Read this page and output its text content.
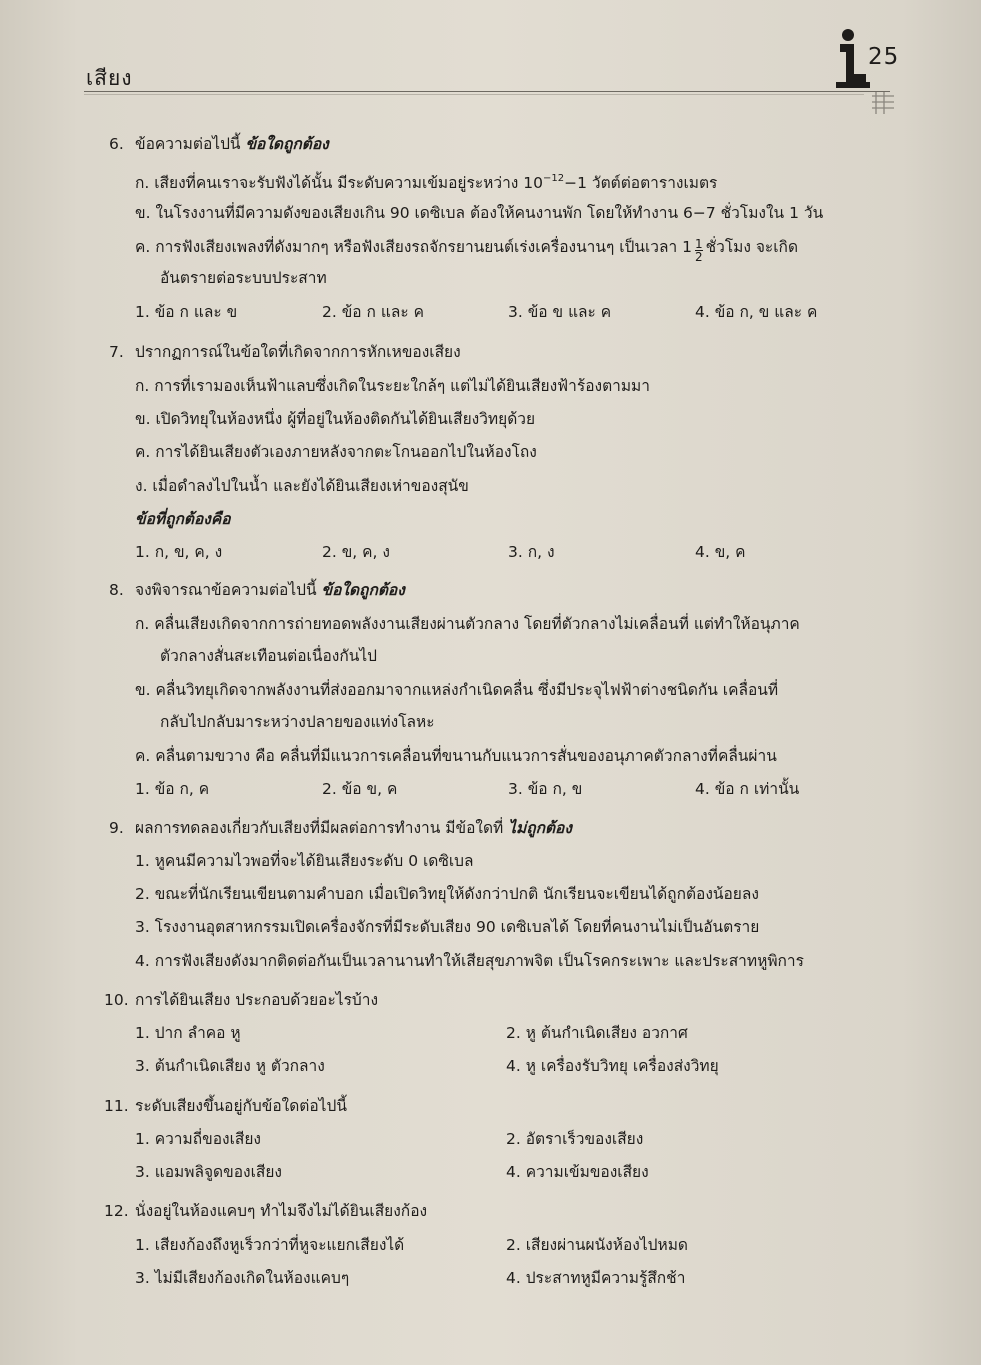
เสียง
25
6. ข้อความต่อไปนี้ ข้อใดถูกต้อง
ก. เสียงที่คนเราจะรับฟังได้นั้น มีระดับความเข้มอยู่ระหว่าง $10^{-12}-1$ วัตต์ต่อตารางเมตร
ข. ในโรงงานที่มีความดังของเสียงเกิน 90 เดซิเบล ต้องให้คนงานพัก โดยให้ทำงาน 6−7 ชั่วโมงใน 1 วัน
ค. การฟังเสียงเพลงที่ดังมากๆ หรือฟังเสียงรถจักรยานยนต์เร่งเครื่องนานๆ เป็นเวลา $1 \frac{1}{2}$ ชั่วโมง จะเกิด
อันตรายต่อระบบประสาท
1. ข้อ ก และ ข	2. ข้อ ก และ ค	3. ข้อ ข และ ค	4. ข้อ ก, ข และ ค
7. ปรากฏการณ์ในข้อใดที่เกิดจากการหักเหของเสียง
ก. การที่เรามองเห็นฟ้าแลบซึ่งเกิดในระยะใกล้ๆ แต่ไม่ได้ยินเสียงฟ้าร้องตามมา
ข. เปิดวิทยุในห้องหนึ่ง ผู้ที่อยู่ในห้องติดกันได้ยินเสียงวิทยุด้วย
ค. การได้ยินเสียงตัวเองภายหลังจากตะโกนออกไปในห้องโถง
ง. เมื่อดำลงไปในน้ำ และยังได้ยินเสียงเห่าของสุนัข
ข้อที่ถูกต้องคือ
1. ก, ข, ค, ง	2. ข, ค, ง	3. ก, ง	4. ข, ค
8. จงพิจารณาข้อความต่อไปนี้ ข้อใดถูกต้อง
ก. คลื่นเสียงเกิดจากการถ่ายทอดพลังงานเสียงผ่านตัวกลาง โดยที่ตัวกลางไม่เคลื่อนที่ แต่ทำให้อนุภาค
ตัวกลางสั่นสะเทือนต่อเนื่องกันไป
ข. คลื่นวิทยุเกิดจากพลังงานที่ส่งออกมาจากแหล่งกำเนิดคลื่น ซึ่งมีประจุไฟฟ้าต่างชนิดกัน เคลื่อนที่
กลับไปกลับมาระหว่างปลายของแท่งโลหะ
ค. คลื่นตามขวาง คือ คลื่นที่มีแนวการเคลื่อนที่ขนานกับแนวการสั่นของอนุภาคตัวกลางที่คลื่นผ่าน
1. ข้อ ก, ค	2. ข้อ ข, ค	3. ข้อ ก, ข	4. ข้อ ก เท่านั้น
9. ผลการทดลองเกี่ยวกับเสียงที่มีผลต่อการทำงาน มีข้อใดที่ ไม่ถูกต้อง
1. หูคนมีความไวพอที่จะได้ยินเสียงระดับ 0 เดซิเบล
2. ขณะที่นักเรียนเขียนตามคำบอก เมื่อเปิดวิทยุให้ดังกว่าปกติ นักเรียนจะเขียนได้ถูกต้องน้อยลง
3. โรงงานอุตสาหกรรมเปิดเครื่องจักรที่มีระดับเสียง 90 เดซิเบลได้ โดยที่คนงานไม่เป็นอันตราย
4. การฟังเสียงดังมากติดต่อกันเป็นเวลานานทำให้เสียสุขภาพจิต เป็นโรคกระเพาะ และประสาทหูพิการ
10. การได้ยินเสียง ประกอบด้วยอะไรบ้าง
1. ปาก ลำคอ หู	2. หู ต้นกำเนิดเสียง อวกาศ
3. ต้นกำเนิดเสียง หู ตัวกลาง	4. หู เครื่องรับวิทยุ เครื่องส่งวิทยุ
11. ระดับเสียงขึ้นอยู่กับข้อใดต่อไปนี้
1. ความถี่ของเสียง	2. อัตราเร็วของเสียง
3. แอมพลิจูดของเสียง	4. ความเข้มของเสียง
12. นั่งอยู่ในห้องแคบๆ ทำไมจึงไม่ได้ยินเสียงก้อง
1. เสียงก้องถึงหูเร็วกว่าที่หูจะแยกเสียงได้	2. เสียงผ่านผนังห้องไปหมด
3. ไม่มีเสียงก้องเกิดในห้องแคบๆ	4. ประสาทหูมีความรู้สึกช้า
